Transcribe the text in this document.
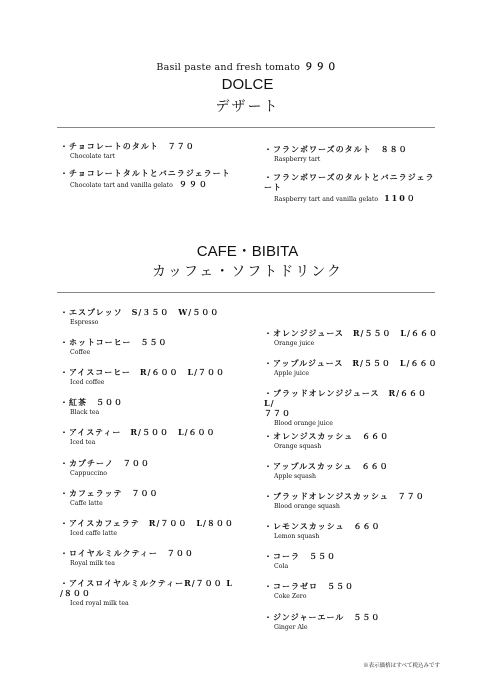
Basil paste and fresh tomato ９９０
DOLCE
デザート
・チョコレートのタルト　７７０
Chocolate tart
・チョコレートタルトとバニラジェラート
Chocolate tart and vanilla gelato ９９０
・フランボワーズのタルト　８８０
Raspberry tart
・フランボワーズのタルトとバニラジェラート
Raspberry tart and vanilla gelato 110０
CAFE・BIBITA
カッフェ・ソフトドリンク
・エスプレッソ　S/３５０　W/５００
Espresso
・ホットコーヒー　５５０
Coffee
・アイスコーヒー　R/６００　L/７００
Iced coffee
・紅茶　５００
Black tea
・アイスティー　R/５００　L/６００
Iced tea
・カプチーノ　７００
Cappuccino
・カフェラッテ　７００
Caffe latte
・アイスカフェラテ　R/７００　L/８００
Iced caffe latte
・ロイヤルミルクティー　７００
Royal milk tea
・アイスロイヤルミルクティーR/７００ L
/８００
Iced royal milk tea
・オレンジジュース　R/５５０　L/６６０
Orange juice
・アップルジュース　R/５５０　L/６６０
Apple juice
・ブラッドオレンジジュース　R/６６０ L/
７７０
Blood orange juice
・オレンジスカッシュ　６６０
Orange squash
・アップルスカッシュ　６６０
Apple squash
・ブラッドオレンジスカッシュ　７７０
Blood orange squash
・レモンスカッシュ　６６０
Lemon squash
・コーラ　５５０
Cola
・コーラゼロ　５５０
Coke Zero
・ジンジャーエール　５５０
Ginger Ale
※表示価格はすべて税込みです
